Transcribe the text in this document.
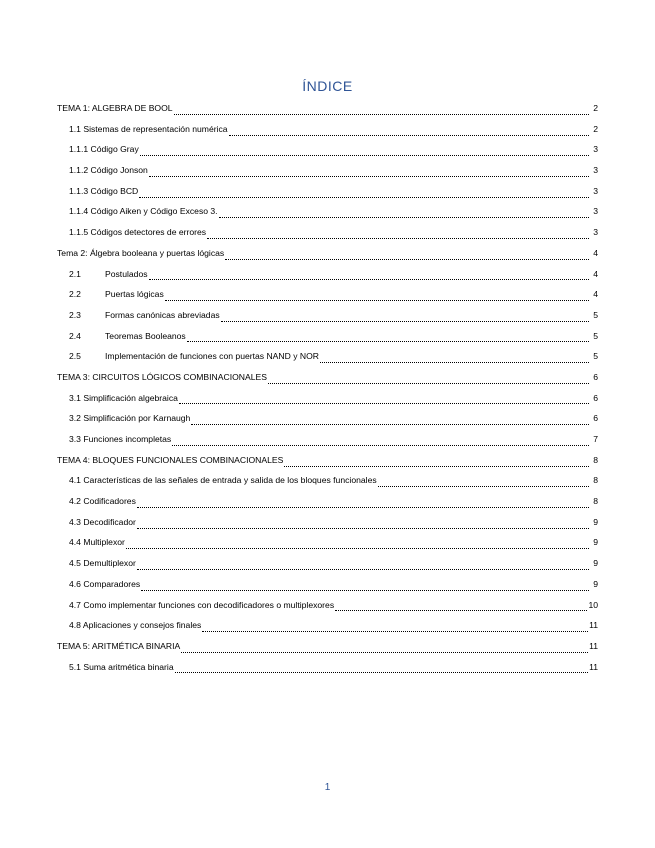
ÍNDICE
TEMA 1: ALGEBRA DE BOOL	2
1.1 Sistemas de representación numérica	2
1.1.1 Código Gray	3
1.1.2 Código Jonson	3
1.1.3 Código BCD	3
1.1.4 Código Aiken y Código Exceso 3.	3
1.1.5 Códigos detectores de errores	3
Tema 2: Álgebra booleana y puertas lógicas	4
2.1	Postulados	4
2.2	Puertas lógicas	4
2.3	Formas canónicas abreviadas	5
2.4	Teoremas Booleanos	5
2.5	Implementación de funciones con puertas NAND y NOR	5
TEMA 3: CIRCUITOS LÓGICOS COMBINACIONALES	6
3.1 Simplificación algebraica	6
3.2 Simplificación por Karnaugh	6
3.3 Funciones incompletas	7
TEMA 4: BLOQUES FUNCIONALES COMBINACIONALES	8
4.1 Características de las señales de entrada y salida de los bloques funcionales	8
4.2 Codificadores	8
4.3 Decodificador	9
4.4 Multiplexor	9
4.5 Demultiplexor	9
4.6 Comparadores	9
4.7 Como implementar funciones con decodificadores o multiplexores	10
4.8 Aplicaciones y consejos finales	11
TEMA 5: ARITMÉTICA BINARIA	11
5.1 Suma aritmética binaria	11
1
